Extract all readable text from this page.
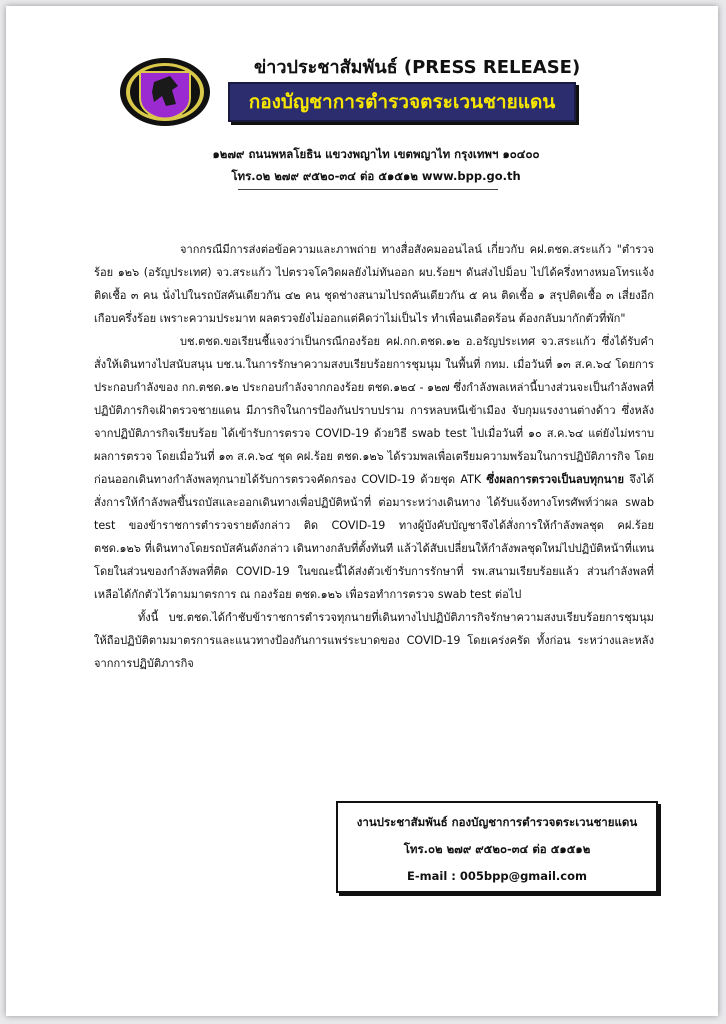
ข่าวประชาสัมพันธ์ (PRESS RELEASE)
กองบัญชาการตำรวจตระเวนชายแดน
๑๒๗๙ ถนนพหลโยธิน แขวงพญาไท เขตพญาไท กรุงเทพฯ ๑๐๔๐๐
โทร.๐๒ ๒๗๙ ๙๕๒๐-๓๔ ต่อ ๕๑๕๑๒ www.bpp.go.th

จากกรณีมีการส่งต่อข้อความและภาพถ่าย ทางสื่อสังคมออนไลน์ เกี่ยวกับ คฝ.ตชด.สระแก้ว "ตำรวจร้อย ๑๒๖ (อรัญประเทศ) จว.สระแก้ว ไปตรวจโควิดผลยังไม่ทันออก ผบ.ร้อยฯ ดันส่งไปม็อบ ไปได้ครึ่งทางหมอโทรแจ้งติดเชื้อ ๓ คน นั่งไปในรถบัสคันเดียวกัน ๔๒ คน ชุดช่างสนามไปรถคันเดียวกัน ๕ คน ติดเชื้อ ๑ สรุปติดเชื้อ ๓ เสี่ยงอีกเกือบครึ่งร้อย เพราะความประมาท ผลตรวจยังไม่ออกแต่คิดว่าไม่เป็นไร ทำเพื่อนเดือดร้อน ต้องกลับมากักตัวที่พัก"

บช.ตชด.ขอเรียนชี้แจงว่าเป็นกรณีกองร้อย คฝ.กก.ตชด.๑๒ อ.อรัญประเทศ จว.สระแก้ว ซึ่งได้รับคำสั่งให้เดินทางไปสนับสนุน บช.น.ในการรักษาความสงบเรียบร้อยการชุมนุม ในพื้นที่ กทม. เมื่อวันที่ ๑๓ ส.ค.๖๔ โดยการประกอบกำลังของ กก.ตชด.๑๒ ประกอบกำลังจากกองร้อย ตชด.๑๒๔ - ๑๒๗ ซึ่งกำลังพลเหล่านี้บางส่วนจะเป็นกำลังพลที่ปฏิบัติภารกิจเฝ้าตรวจชายแดน มีภารกิจในการป้องกันปราบปราม การหลบหนีเข้าเมือง จับกุมแรงงานต่างด้าว ซึ่งหลังจากปฏิบัติภารกิจเรียบร้อย ได้เข้ารับการตรวจ COVID-19 ด้วยวิธี swab test ไปเมื่อวันที่ ๑๐ ส.ค.๖๔ แต่ยังไม่ทราบผลการตรวจ โดยเมื่อวันที่ ๑๓ ส.ค.๖๔ ชุด คฝ.ร้อย ตชด.๑๒๖ ได้รวมพลเพื่อเตรียมความพร้อมในการปฏิบัติภารกิจ โดยก่อนออกเดินทางกำลังพลทุกนายได้รับการตรวจคัดกรอง COVID-19 ด้วยชุด ATK ซึ่งผลการตรวจเป็นลบทุกนาย จึงได้สั่งการให้กำลังพลขึ้นรถบัสและออกเดินทางเพื่อปฏิบัติหน้าที่ ต่อมาระหว่างเดินทาง ได้รับแจ้งทางโทรศัพท์ว่าผล swab test ของข้าราชการตำรวจรายดังกล่าว ติด COVID-19 ทางผู้บังคับบัญชาจึงได้สั่งการให้กำลังพลชุด คฝ.ร้อย ตชด.๑๒๖ ที่เดินทางโดยรถบัสคันดังกล่าว เดินทางกลับที่ตั้งทันที แล้วได้สับเปลี่ยนให้กำลังพลชุดใหม่ไปปฏิบัติหน้าที่แทน โดยในส่วนของกำลังพลที่ติด COVID-19 ในขณะนี้ได้ส่งตัวเข้ารับการรักษาที่ รพ.สนามเรียบร้อยแล้ว ส่วนกำลังพลที่เหลือได้กักตัวไว้ตามมาตรการ ณ กองร้อย ตชด.๑๒๖ เพื่อรอทำการตรวจ swab test ต่อไป

ทั้งนี้ บช.ตชด.ได้กำชับข้าราชการตำรวจทุกนายที่เดินทางไปปฏิบัติภารกิจรักษาความสงบเรียบร้อยการชุมนุม ให้ถือปฏิบัติตามมาตรการและแนวทางป้องกันการแพร่ระบาดของ COVID-19 โดยเคร่งครัด ทั้งก่อน ระหว่างและหลังจากการปฏิบัติภารกิจ

งานประชาสัมพันธ์ กองบัญชาการตำรวจตระเวนชายแดน
โทร.๐๒ ๒๗๙ ๙๕๒๐-๓๔ ต่อ ๕๑๕๑๒
E-mail : 005bpp@gmail.com
